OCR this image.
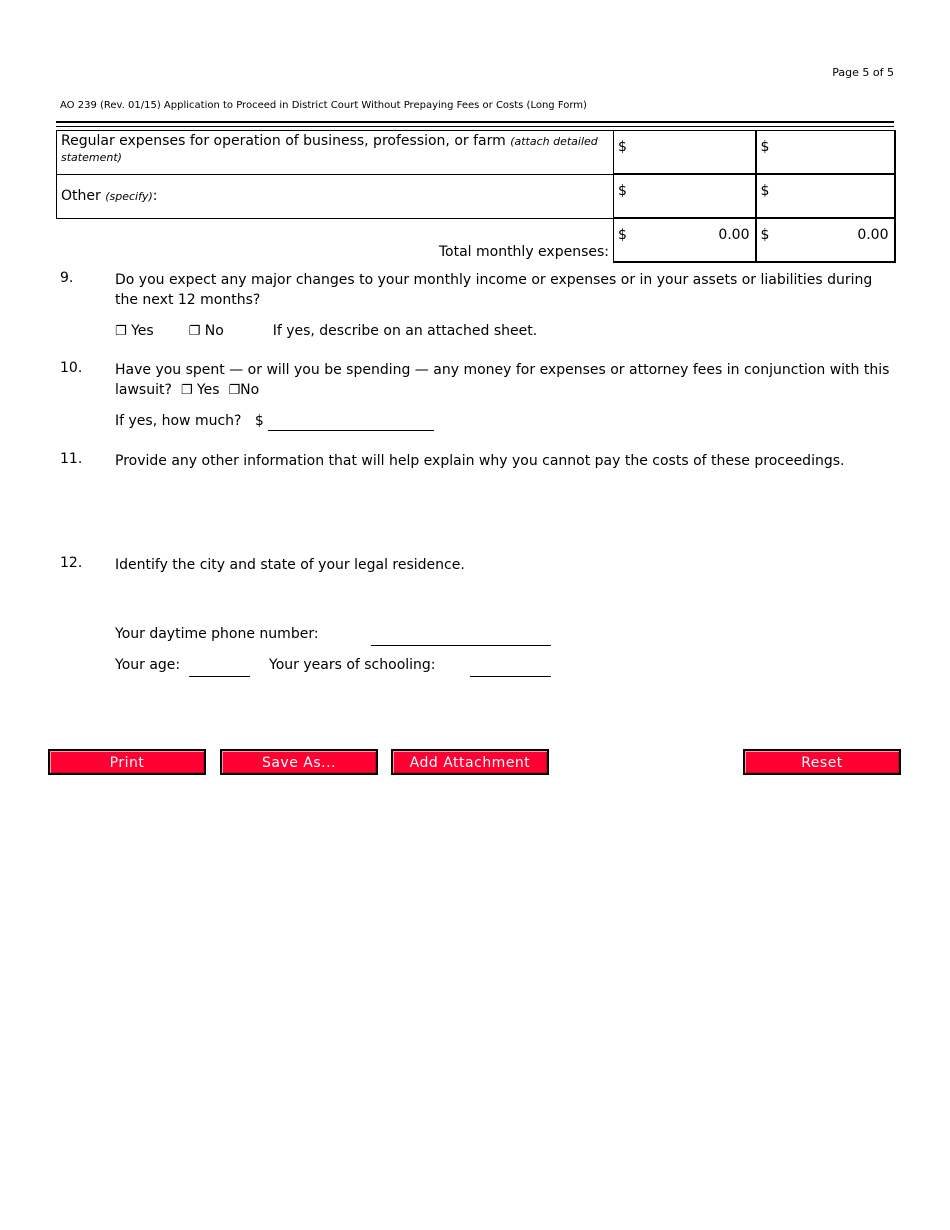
Page 5 of 5
AO 239 (Rev. 01/15) Application to Proceed in District Court Without Prepaying Fees or Costs (Long Form)
Regular expenses for operation of business, profession, or farm (attach detailed statement)	$	$

Other (specify):	$	$

Total monthly expenses:	$ 0.00	$ 0.00
9.	Do you expect any major changes to your monthly income or expenses or in your assets or liabilities during the next 12 months?
❐ Yes	❐ No	If yes, describe on an attached sheet.
10. Have you spent — or will you be spending — any money for expenses or attorney fees in conjunction with this lawsuit? ❐ Yes ❐No
If yes, how much? $
11. Provide any other information that will help explain why you cannot pay the costs of these proceedings.
12. Identify the city and state of your legal residence.
Your daytime phone number:
Your age:	Your years of schooling:
Print	Save As...	Add Attachment	Reset
